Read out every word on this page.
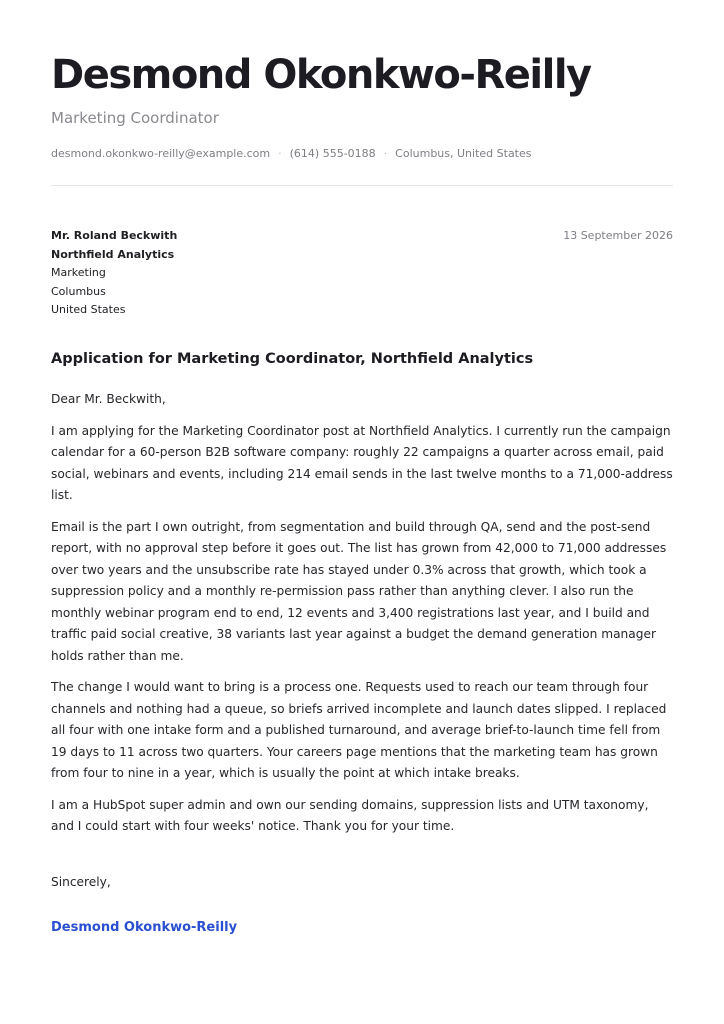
Desmond Okonkwo-Reilly
Marketing Coordinator
desmond.okonkwo-reilly@example.com · (614) 555-0188 · Columbus, United States
Mr. Roland Beckwith
Northfield Analytics
Marketing
Columbus
United States
13 September 2026
Application for Marketing Coordinator, Northfield Analytics

Dear Mr. Beckwith,

I am applying for the Marketing Coordinator post at Northfield Analytics. I currently run the campaign calendar for a 60-person B2B software company: roughly 22 campaigns a quarter across email, paid social, webinars and events, including 214 email sends in the last twelve months to a 71,000-address list.

Email is the part I own outright, from segmentation and build through QA, send and the post-send report, with no approval step before it goes out. The list has grown from 42,000 to 71,000 addresses over two years and the unsubscribe rate has stayed under 0.3% across that growth, which took a suppression policy and a monthly re-permission pass rather than anything clever. I also run the monthly webinar program end to end, 12 events and 3,400 registrations last year, and I build and traffic paid social creative, 38 variants last year against a budget the demand generation manager holds rather than me.

The change I would want to bring is a process one. Requests used to reach our team through four channels and nothing had a queue, so briefs arrived incomplete and launch dates slipped. I replaced all four with one intake form and a published turnaround, and average brief-to-launch time fell from 19 days to 11 across two quarters. Your careers page mentions that the marketing team has grown from four to nine in a year, which is usually the point at which intake breaks.

I am a HubSpot super admin and own our sending domains, suppression lists and UTM taxonomy, and I could start with four weeks' notice. Thank you for your time.

Sincerely,
Desmond Okonkwo-Reilly
